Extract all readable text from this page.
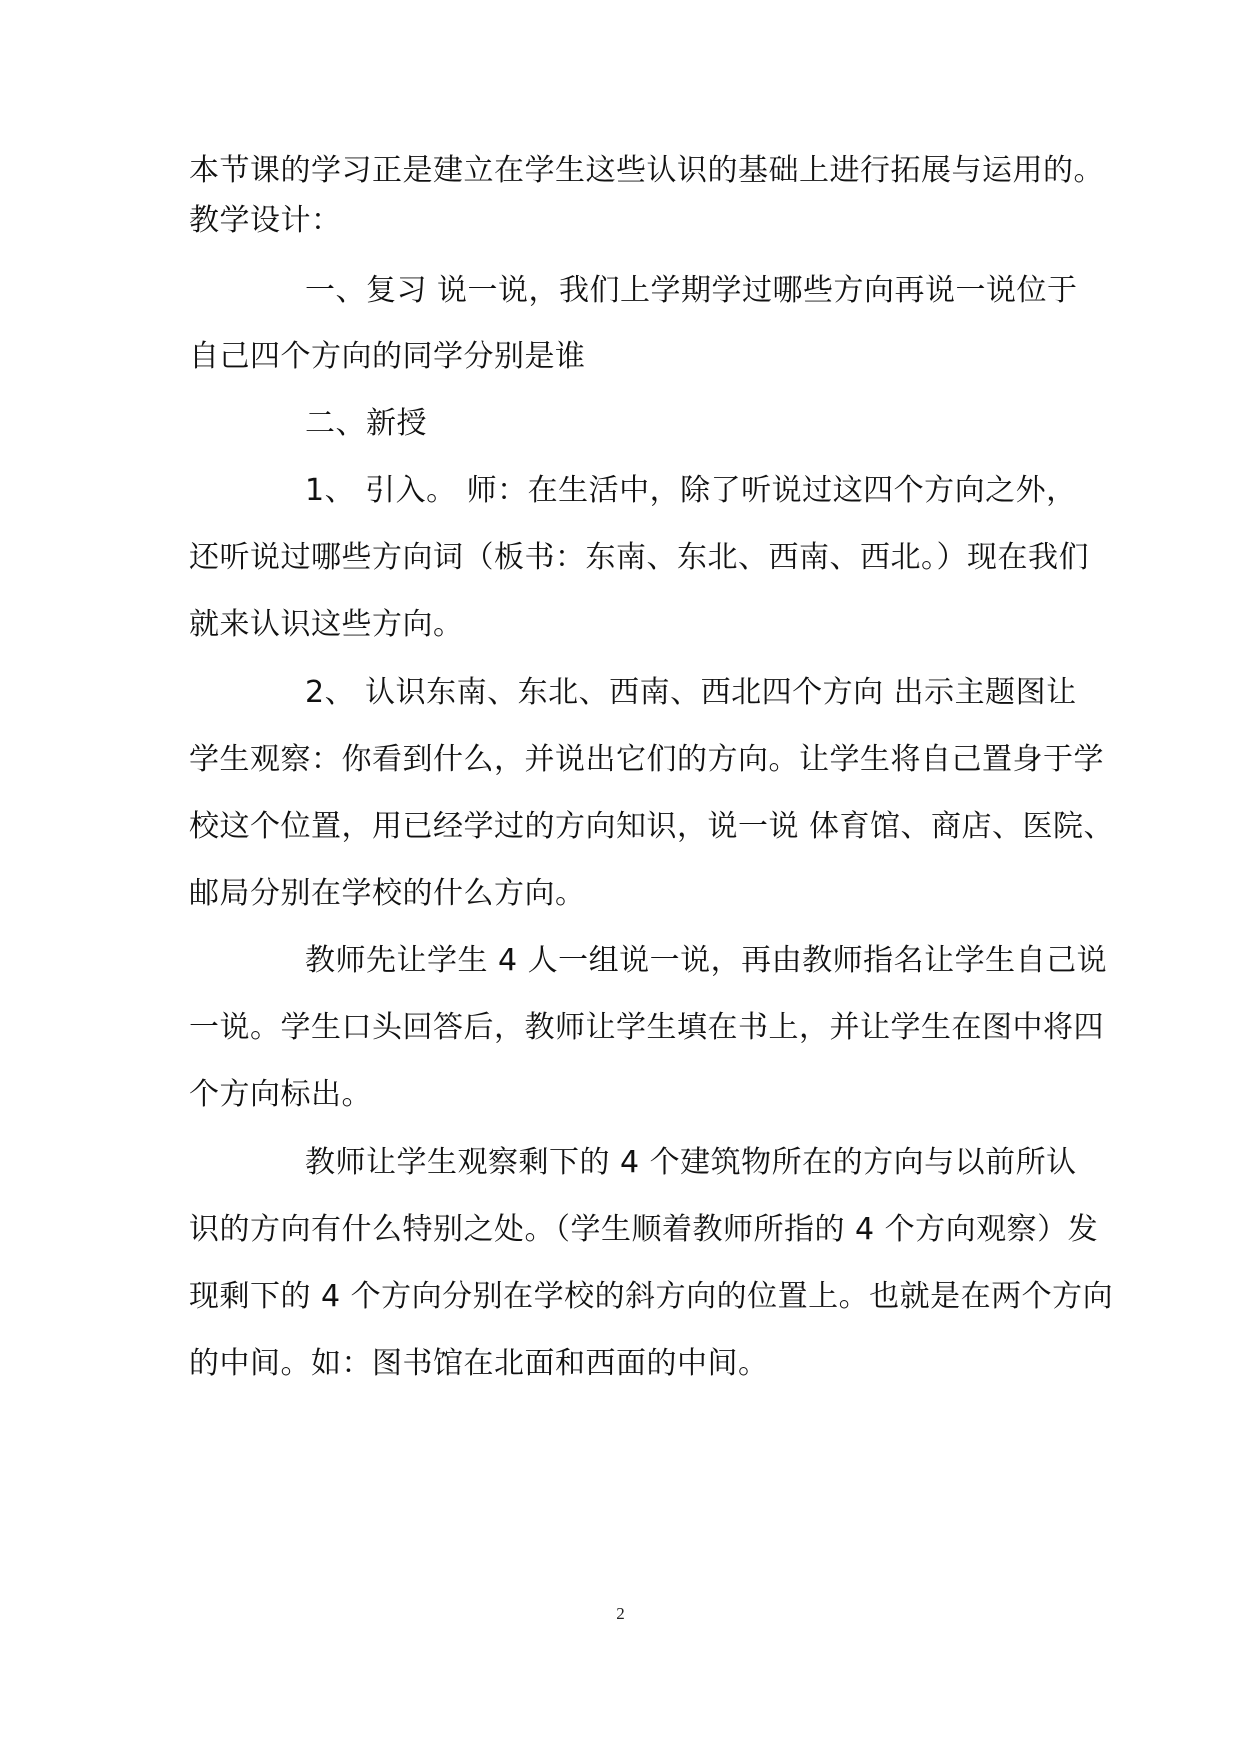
本节课的学习正是建立在学生这些认识的基础上进行拓展与运用的。
教学设计：
一、复习 说一说，我们上学期学过哪些方向再说一说位于
自己四个方向的同学分别是谁
二、新授
1、 引入。 师：在生活中，除了听说过这四个方向之外，
还听说过哪些方向词（板书：东南、东北、西南、西北。）现在我们
就来认识这些方向。
2、 认识东南、东北、西南、西北四个方向 出示主题图让
学生观察：你看到什么，并说出它们的方向。让学生将自己置身于学
校这个位置，用已经学过的方向知识，说一说 体育馆、商店、医院、
邮局分别在学校的什么方向。
教师先让学生 4 人一组说一说，再由教师指名让学生自己说
一说。学生口头回答后，教师让学生填在书上，并让学生在图中将四
个方向标出。
教师让学生观察剩下的 4 个建筑物所在的方向与以前所认
识的方向有什么特别之处。（学生顺着教师所指的 4 个方向观察）发
现剩下的 4 个方向分别在学校的斜方向的位置上。也就是在两个方向
的中间。如：图书馆在北面和西面的中间。
2
